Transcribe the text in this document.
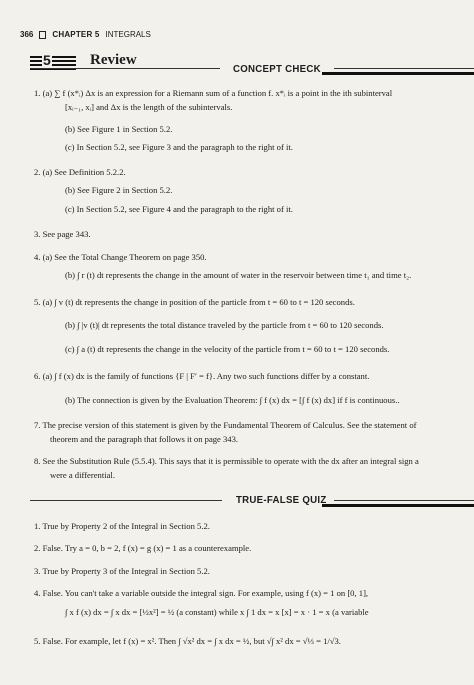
366 CHAPTER 5 INTEGRALS
5	Review
CONCEPT CHECK
1. (a) ∑ f (x*ᵢ) Δx is an expression for a Riemann sum of a function f. x*ᵢ is a point in the ith subinterval
[xᵢ₋₁, xᵢ] and Δx is the length of the subintervals.
(b) See Figure 1 in Section 5.2.
(c) In Section 5.2, see Figure 3 and the paragraph to the right of it.
2. (a) See Definition 5.2.2.
(b) See Figure 2 in Section 5.2.
(c) In Section 5.2, see Figure 4 and the paragraph to the right of it.
3. See page 343.
4. (a) See the Total Change Theorem on page 350.
(b) ∫ r (t) dt represents the change in the amount of water in the reservoir between time t₁ and time t₂.
5. (a) ∫ v (t) dt represents the change in position of the particle from t = 60 to t = 120 seconds.
(b) ∫ |v (t)| dt represents the total distance traveled by the particle from t = 60 to 120 seconds.
(c) ∫ a (t) dt represents the change in the velocity of the particle from t = 60 to t = 120 seconds.
6. (a) ∫ f (x) dx is the family of functions {F | F′ = f}. Any two such functions differ by a constant.
(b) The connection is given by the Evaluation Theorem: ∫ f (x) dx = [∫ f (x) dx] if f is continuous..
7. The precise version of this statement is given by the Fundamental Theorem of Calculus. See the statement of
theorem and the paragraph that follows it on page 343.
8. See the Substitution Rule (5.5.4). This says that it is permissible to operate with the dx after an integral sign a
were a differential.
TRUE-FALSE QUIZ
1. True by Property 2 of the Integral in Section 5.2.
2. False. Try a = 0, b = 2, f (x) = g (x) = 1 as a counterexample.
3. True by Property 3 of the Integral in Section 5.2.
4. False. You can't take a variable outside the integral sign. For example, using f (x) = 1 on [0, 1],
∫ x f (x) dx = ∫ x dx = [½x²] = ½ (a constant) while x ∫ 1 dx = x [x] = x · 1 = x (a variable
5. False. For example, let f (x) = x². Then ∫ √x² dx = ∫ x dx = ½, but √∫ x² dx = √⅓ = 1/√3.
